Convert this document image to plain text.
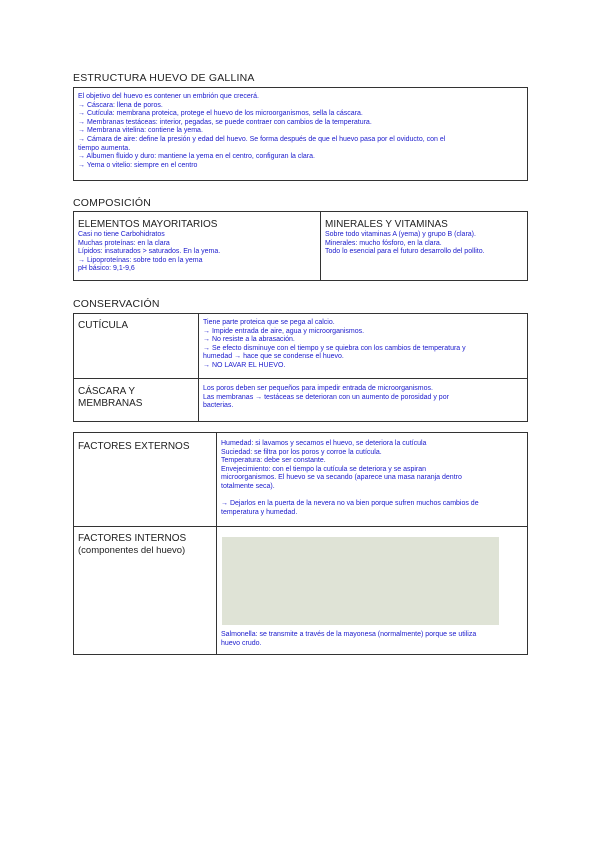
ESTRUCTURA HUEVO DE GALLINA
El objetivo del huevo es contener un embrión que crecerá.
→ Cáscara: llena de poros.
→ Cutícula: membrana proteica, protege el huevo de los microorganismos, sella la cáscara.
→ Membranas testáceas: interior, pegadas, se puede contraer con cambios de la temperatura.
→ Membrana vitelina: contiene la yema.
→ Cámara de aire: define la presión y edad del huevo. Se forma después de que el huevo pasa por el oviducto, con el
tiempo aumenta.
→ Albumen fluido y duro: mantiene la yema en el centro, configuran la clara.
→ Yema o vitelio: siempre en el centro
COMPOSICIÓN
ELEMENTOS MAYORITARIOS
Casi no tiene Carbohidratos
Muchas proteínas: en la clara
Lípidos: insaturados > saturados. En la yema.
→ Lipoproteínas: sobre todo en la yema
pH básico: 9,1-9,6
MINERALES Y VITAMINAS
Sobre todo vitaminas A (yema) y grupo B (clara).
Minerales: mucho fósforo, en la clara.
Todo lo esencial para el futuro desarrollo del pollito.
CONSERVACIÓN
CUTÍCULA	Tiene parte proteica que se pega al calcio.
→ Impide entrada de aire, agua y microorganismos.
→ No resiste a la abrasación.
→ Se efecto disminuye con el tiempo y se quiebra con los cambios de temperatura y
humedad → hace que se condense el huevo.
→ NO LAVAR EL HUEVO.
CÁSCARA Y
MEMBRANAS
Los poros deben ser pequeños para impedir entrada de microorganismos.
Las membranas → testáceas se deterioran con un aumento de porosidad y por
bacterias.
FACTORES EXTERNOS	Humedad: si lavamos y secamos el huevo, se deteriora la cutícula
Suciedad: se filtra por los poros y corroe la cutícula.
Temperatura: debe ser constante.
Envejecimiento: con el tiempo la cutícula se deteriora y se aspiran
microorganismos. El huevo se va secando (aparece una masa naranja dentro
totalmente seca).
→ Dejarlos en la puerta de la nevera no va bien porque sufren muchos cambios de
temperatura y humedad.
FACTORES INTERNOS
(componentes del huevo)
Salmonella: se transmite a través de la mayonesa (normalmente) porque se utiliza
huevo crudo.
